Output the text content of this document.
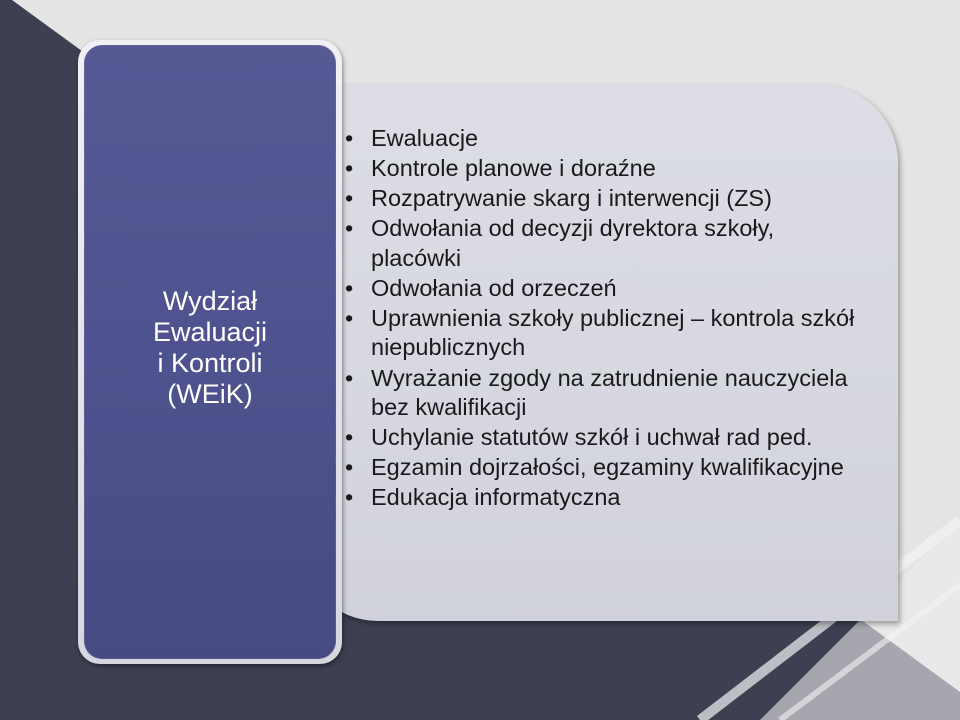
Wydział
Ewaluacji
i Kontroli
(WEiK)
• Ewaluacje
• Kontrole planowe i doraźne
• Rozpatrywanie skarg i interwencji (ZS)
• Odwołania od decyzji dyrektora szkoły, placówki
• Odwołania od orzeczeń
• Uprawnienia szkoły publicznej – kontrola szkół niepublicznych
• Wyrażanie zgody na zatrudnienie nauczyciela bez kwalifikacji
• Uchylanie statutów szkół i uchwał rad ped.
• Egzamin dojrzałości, egzaminy kwalifikacyjne
• Edukacja informatyczna
